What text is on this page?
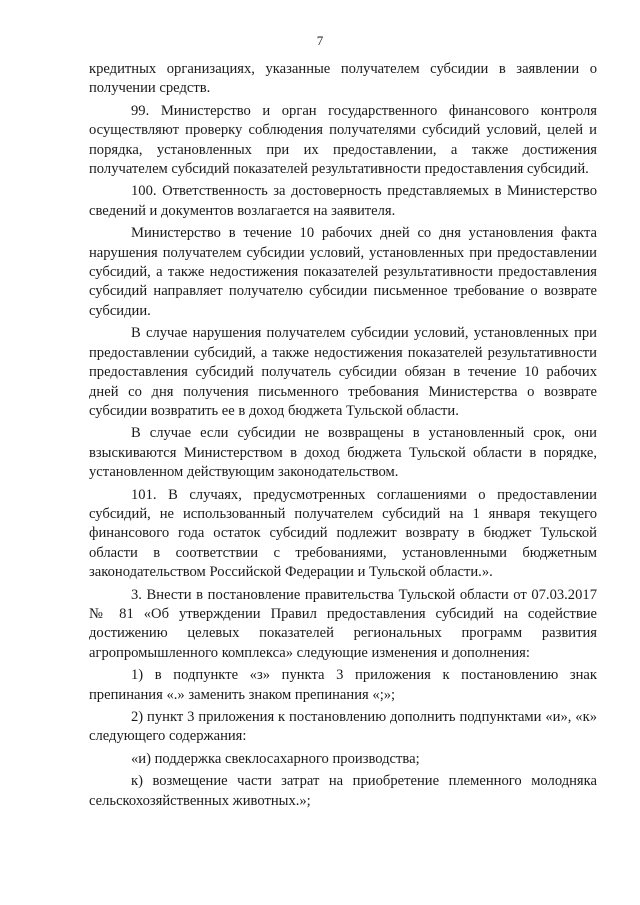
7

кредитных организациях, указанные получателем субсидии в заявлении о получении средств.

99. Министерство и орган государственного финансового контроля осуществляют проверку соблюдения получателями субсидий условий, целей и порядка, установленных при их предоставлении, а также достижения получателем субсидий показателей результативности предоставления субсидий.

100. Ответственность за достоверность представляемых в Министерство сведений и документов возлагается на заявителя.

Министерство в течение 10 рабочих дней со дня установления факта нарушения получателем субсидии условий, установленных при предоставлении субсидий, а также недостижения показателей результативности предоставления субсидий направляет получателю субсидии письменное требование о возврате субсидии.

В случае нарушения получателем субсидии условий, установленных при предоставлении субсидий, а также недостижения показателей результативности предоставления субсидий получатель субсидии обязан в течение 10 рабочих дней со дня получения письменного требования Министерства о возврате субсидии возвратить ее в доход бюджета Тульской области.

В случае если субсидии не возвращены в установленный срок, они взыскиваются Министерством в доход бюджета Тульской области в порядке, установленном действующим законодательством.

101. В случаях, предусмотренных соглашениями о предоставлении субсидий, не использованный получателем субсидий на 1 января текущего финансового года остаток субсидий подлежит возврату в бюджет Тульской области в соответствии с требованиями, установленными бюджетным законодательством Российской Федерации и Тульской области.».

3. Внести в постановление правительства Тульской области от 07.03.2017 № 81 «Об утверждении Правил предоставления субсидий на содействие достижению целевых показателей региональных программ развития агропромышленного комплекса» следующие изменения и дополнения:

1) в подпункте «з» пункта 3 приложения к постановлению знак препинания «.» заменить знаком препинания «;»;

2) пункт 3 приложения к постановлению дополнить подпунктами «и», «к» следующего содержания:

«и) поддержка свеклосахарного производства;

к) возмещение части затрат на приобретение племенного молодняка сельскохозяйственных животных.»;
